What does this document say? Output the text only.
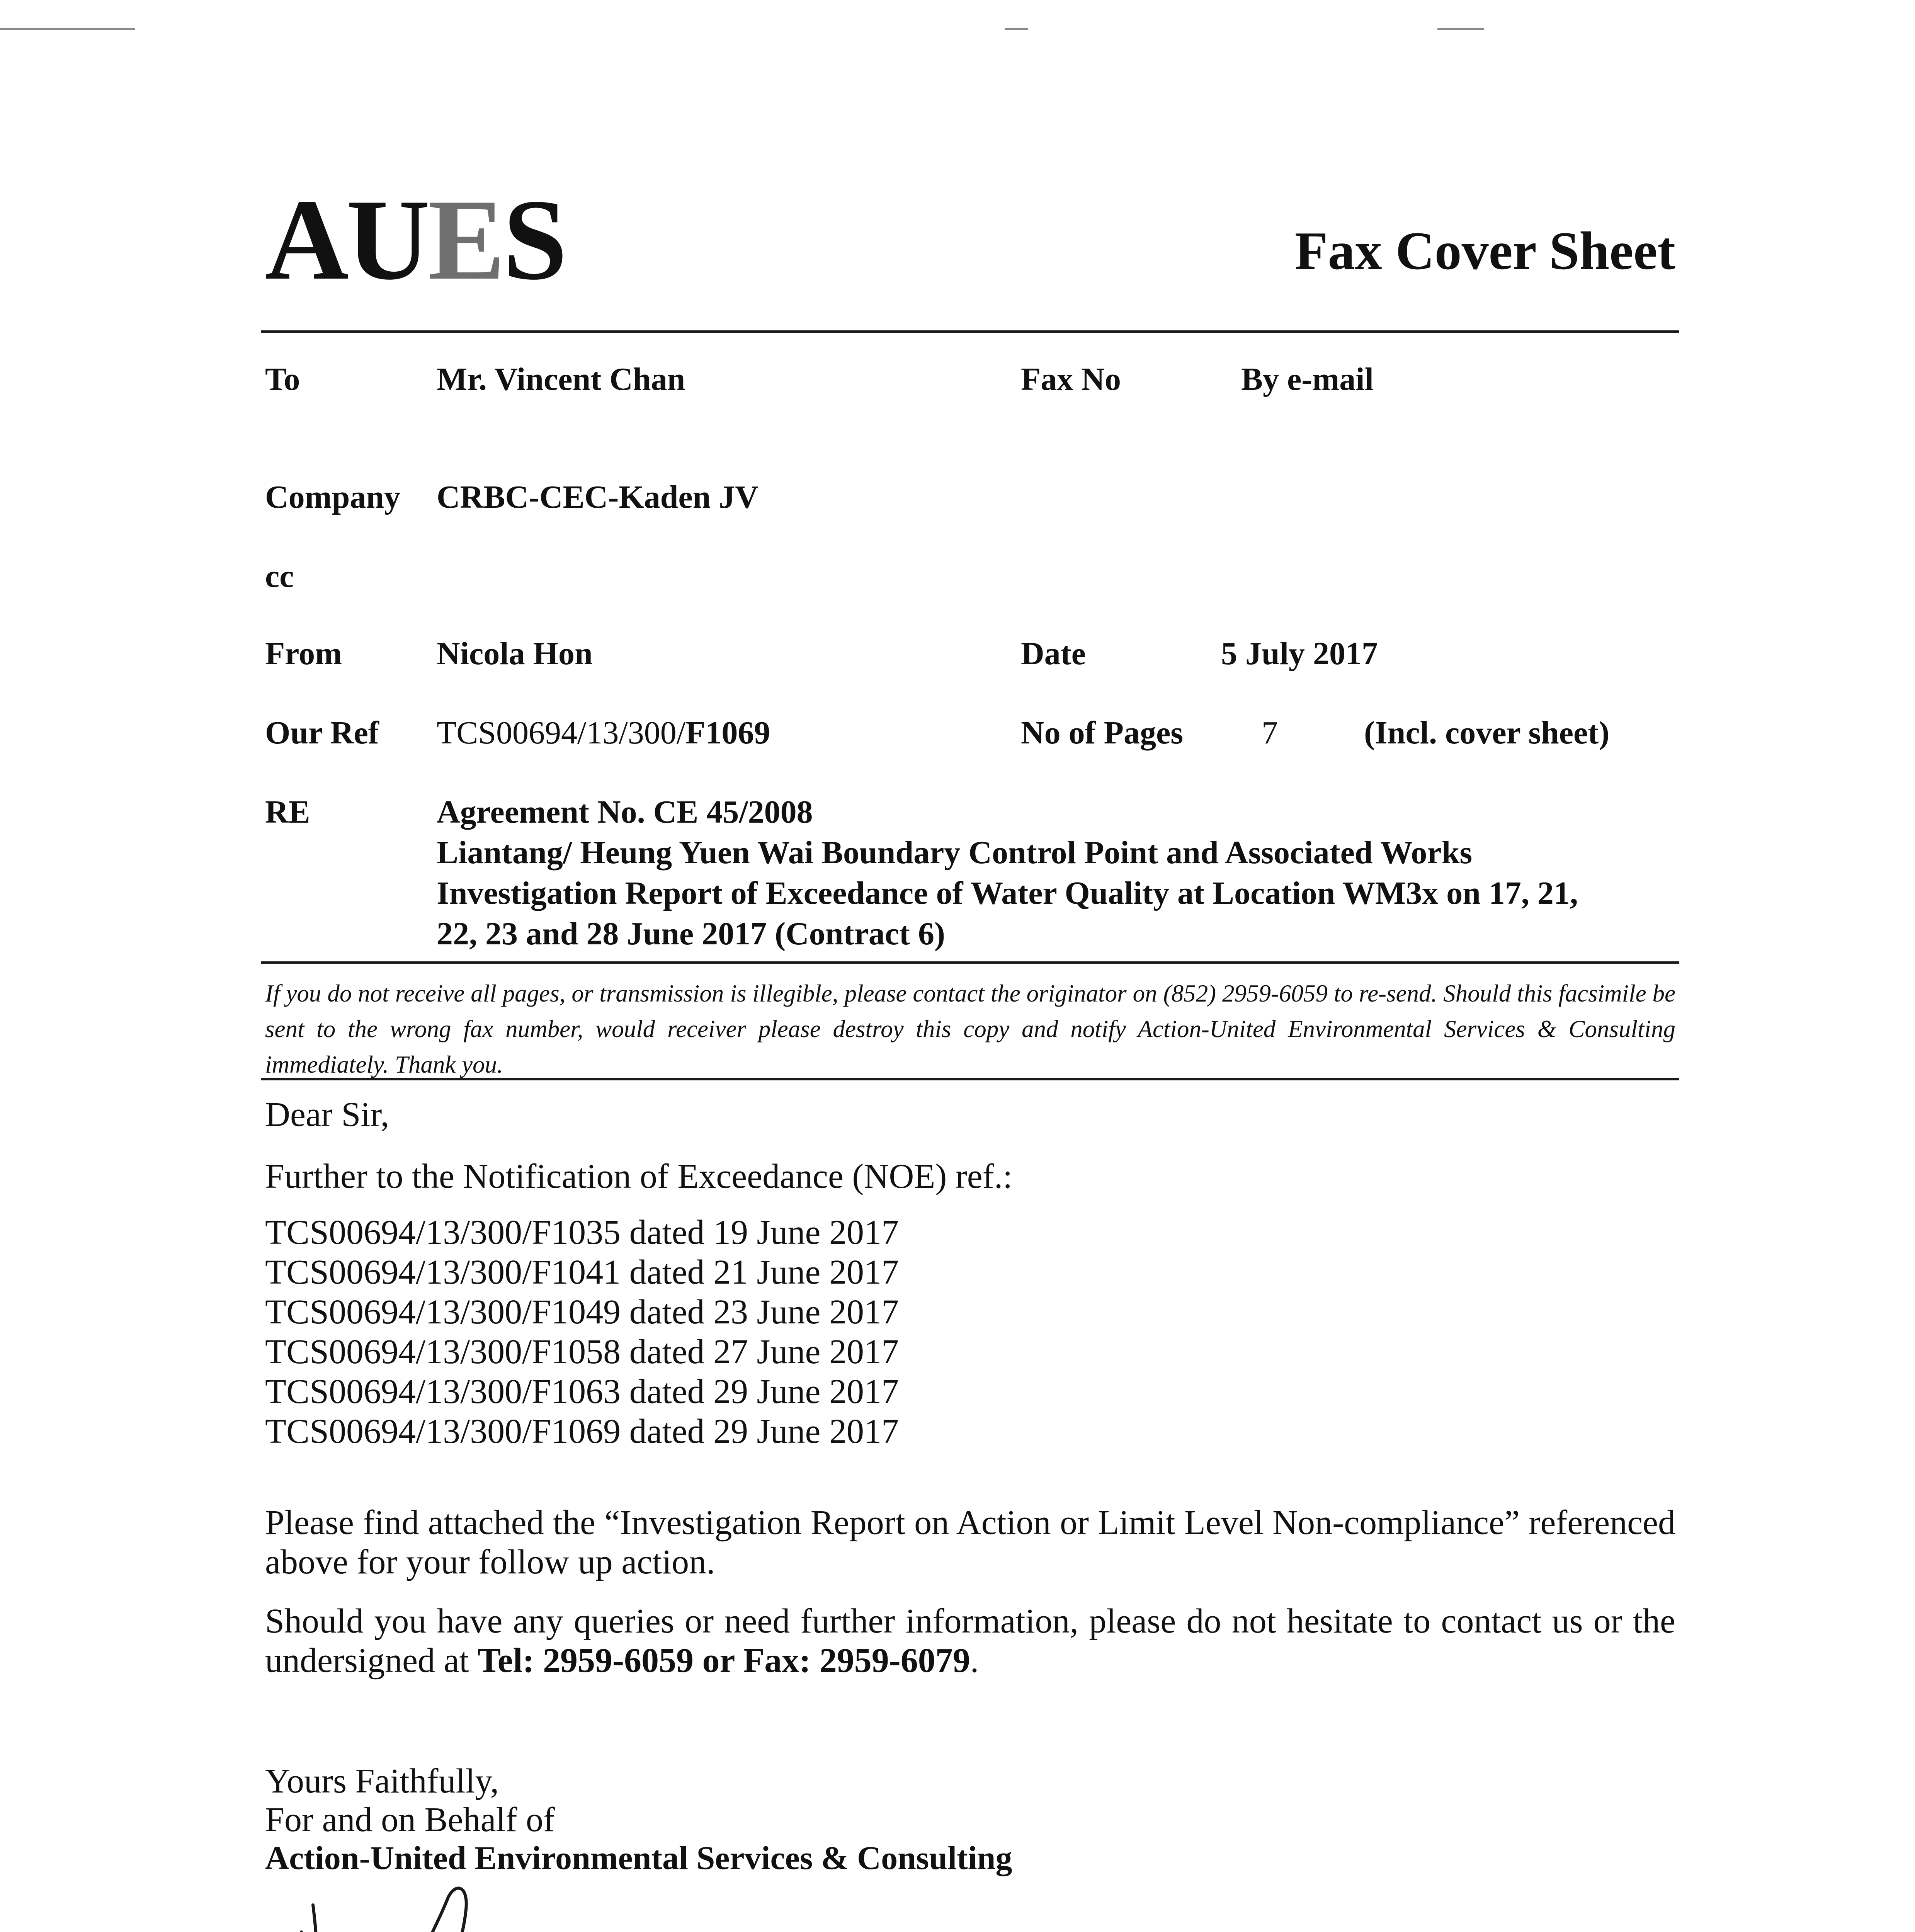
AUES	Fax Cover Sheet
To	Mr. Vincent Chan	Fax No	By e-mail
Company CRBC-CEC-Kaden JV
cc
From	Nicola Hon	Date	5 July 2017
Our Ref TCS00694/13/300/F1069	No of Pages 7	(Incl. cover sheet)
RE	Agreement No. CE 45/2008
Liantang/ Heung Yuen Wai Boundary Control Point and Associated Works
Investigation Report of Exceedance of Water Quality at Location WM3x on 17, 21,
22, 23 and 28 June 2017 (Contract 6)
If you do not receive all pages, or transmission is illegible, please contact the originator on (852) 2959-6059 to re-send. Should this facsimile be sent to the wrong fax number, would receiver please destroy this copy and notify Action-United Environmental Services & Consulting immediately. Thank you.
Dear Sir,
Further to the Notification of Exceedance (NOE) ref.:
TCS00694/13/300/F1035 dated 19 June 2017
TCS00694/13/300/F1041 dated 21 June 2017
TCS00694/13/300/F1049 dated 23 June 2017
TCS00694/13/300/F1058 dated 27 June 2017
TCS00694/13/300/F1063 dated 29 June 2017
TCS00694/13/300/F1069 dated 29 June 2017
Please find attached the “Investigation Report on Action or Limit Level Non-compliance” referenced above for your follow up action.
Should you have any queries or need further information, please do not hesitate to contact us or the undersigned at Tel: 2959-6059 or Fax: 2959-6079.
Yours Faithfully,
For and on Behalf of
Action-United Environmental Services & Consulting
